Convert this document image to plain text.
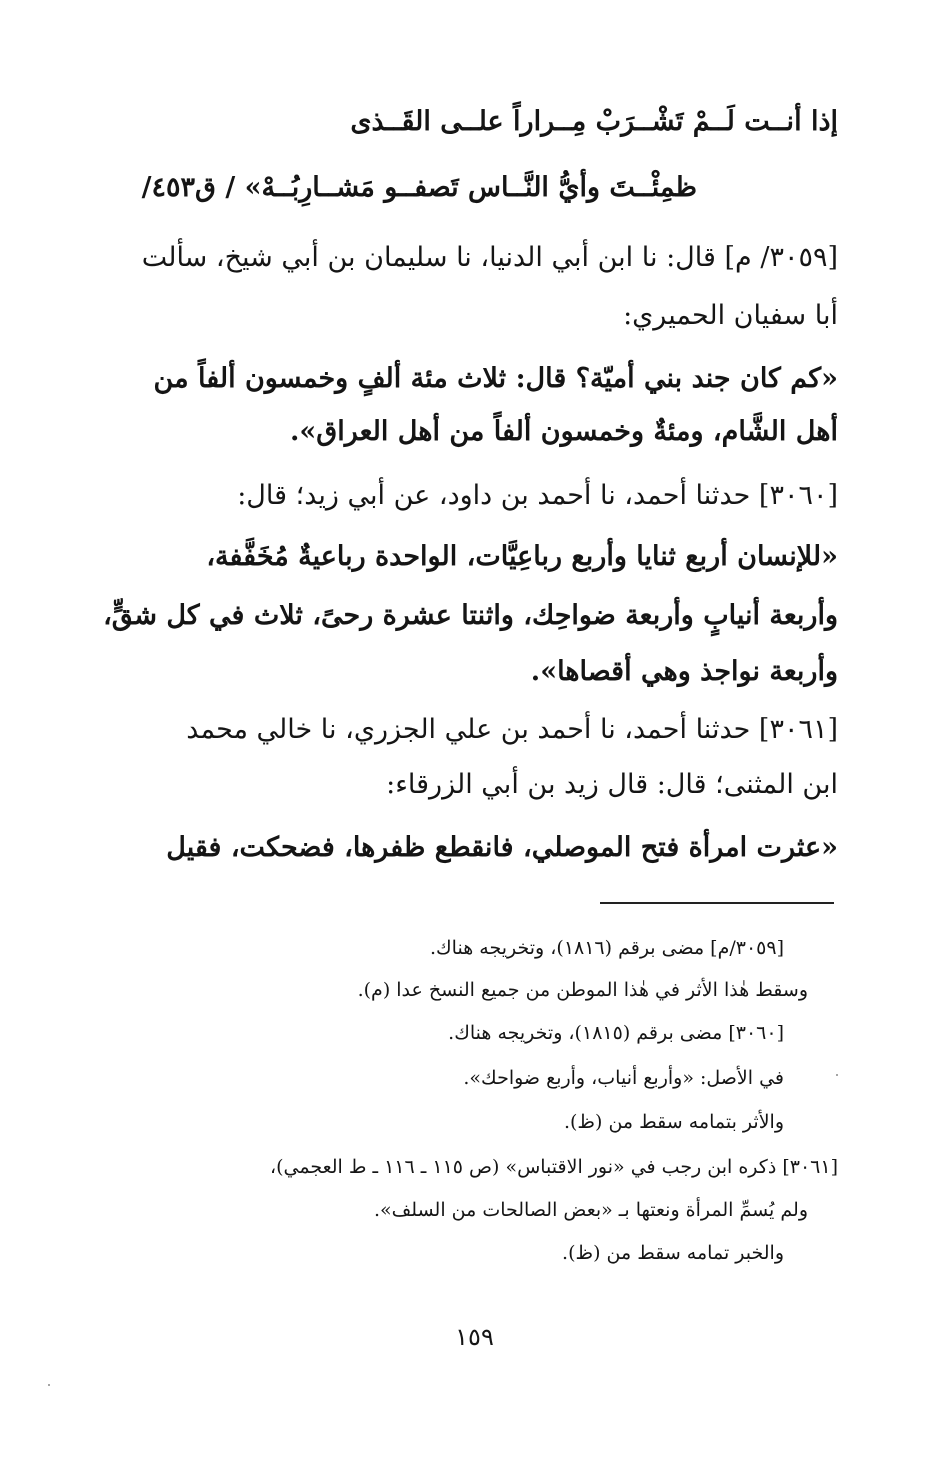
إذا أنــت لَــمْ تَشْــرَبْ مِــراراً علــى القَــذى
ظمِئْــتَ وأيُّ النَّــاس تَصفــو مَشــارِبُــهْ» / ق٤٥٣/
[٣٠٥٩/ م] قال: نا ابن أبي الدنيا، نا سليمان بن أبي شيخ، سألت
أبا سفيان الحميري:
«كم كان جند بني أميّة؟ قال: ثلاث مئة ألفٍ وخمسون ألفاً من
أهل الشَّام، ومئةٌ وخمسون ألفاً من أهل العراق».
[٣٠٦٠] حدثنا أحمد، نا أحمد بن داود، عن أبي زيد؛ قال:
«للإنسان أربع ثنايا وأربع رباعِيَّات، الواحدة رباعيةٌ مُخَفَّفة،
وأربعة أنيابٍ وأربعة ضواحِك، واثنتا عشرة رحىً، ثلاث في كل شقٍّ،
وأربعة نواجذ وهي أقصاها».
[٣٠٦١] حدثنا أحمد، نا أحمد بن علي الجزري، نا خالي محمد
ابن المثنى؛ قال: قال زيد بن أبي الزرقاء:
«عثرت امرأة فتح الموصلي، فانقطع ظفرها، فضحكت، فقيل
[٣٠٥٩/م] مضى برقم (١٨١٦)، وتخريجه هناك.
وسقط هٰذا الأثر في هٰذا الموطن من جميع النسخ عدا (م).
[٣٠٦٠] مضى برقم (١٨١٥)، وتخريجه هناك.
في الأصل: «وأربع أنياب، وأربع ضواحك».
والأثر بتمامه سقط من (ظ).
[٣٠٦١] ذكره ابن رجب في «نور الاقتباس» (ص ١١٥ ـ ١١٦ ـ ط العجمي)،
ولم يُسمِّ المرأة ونعتها بـ «بعض الصالحات من السلف».
والخبر تمامه سقط من (ظ).
١٥٩
